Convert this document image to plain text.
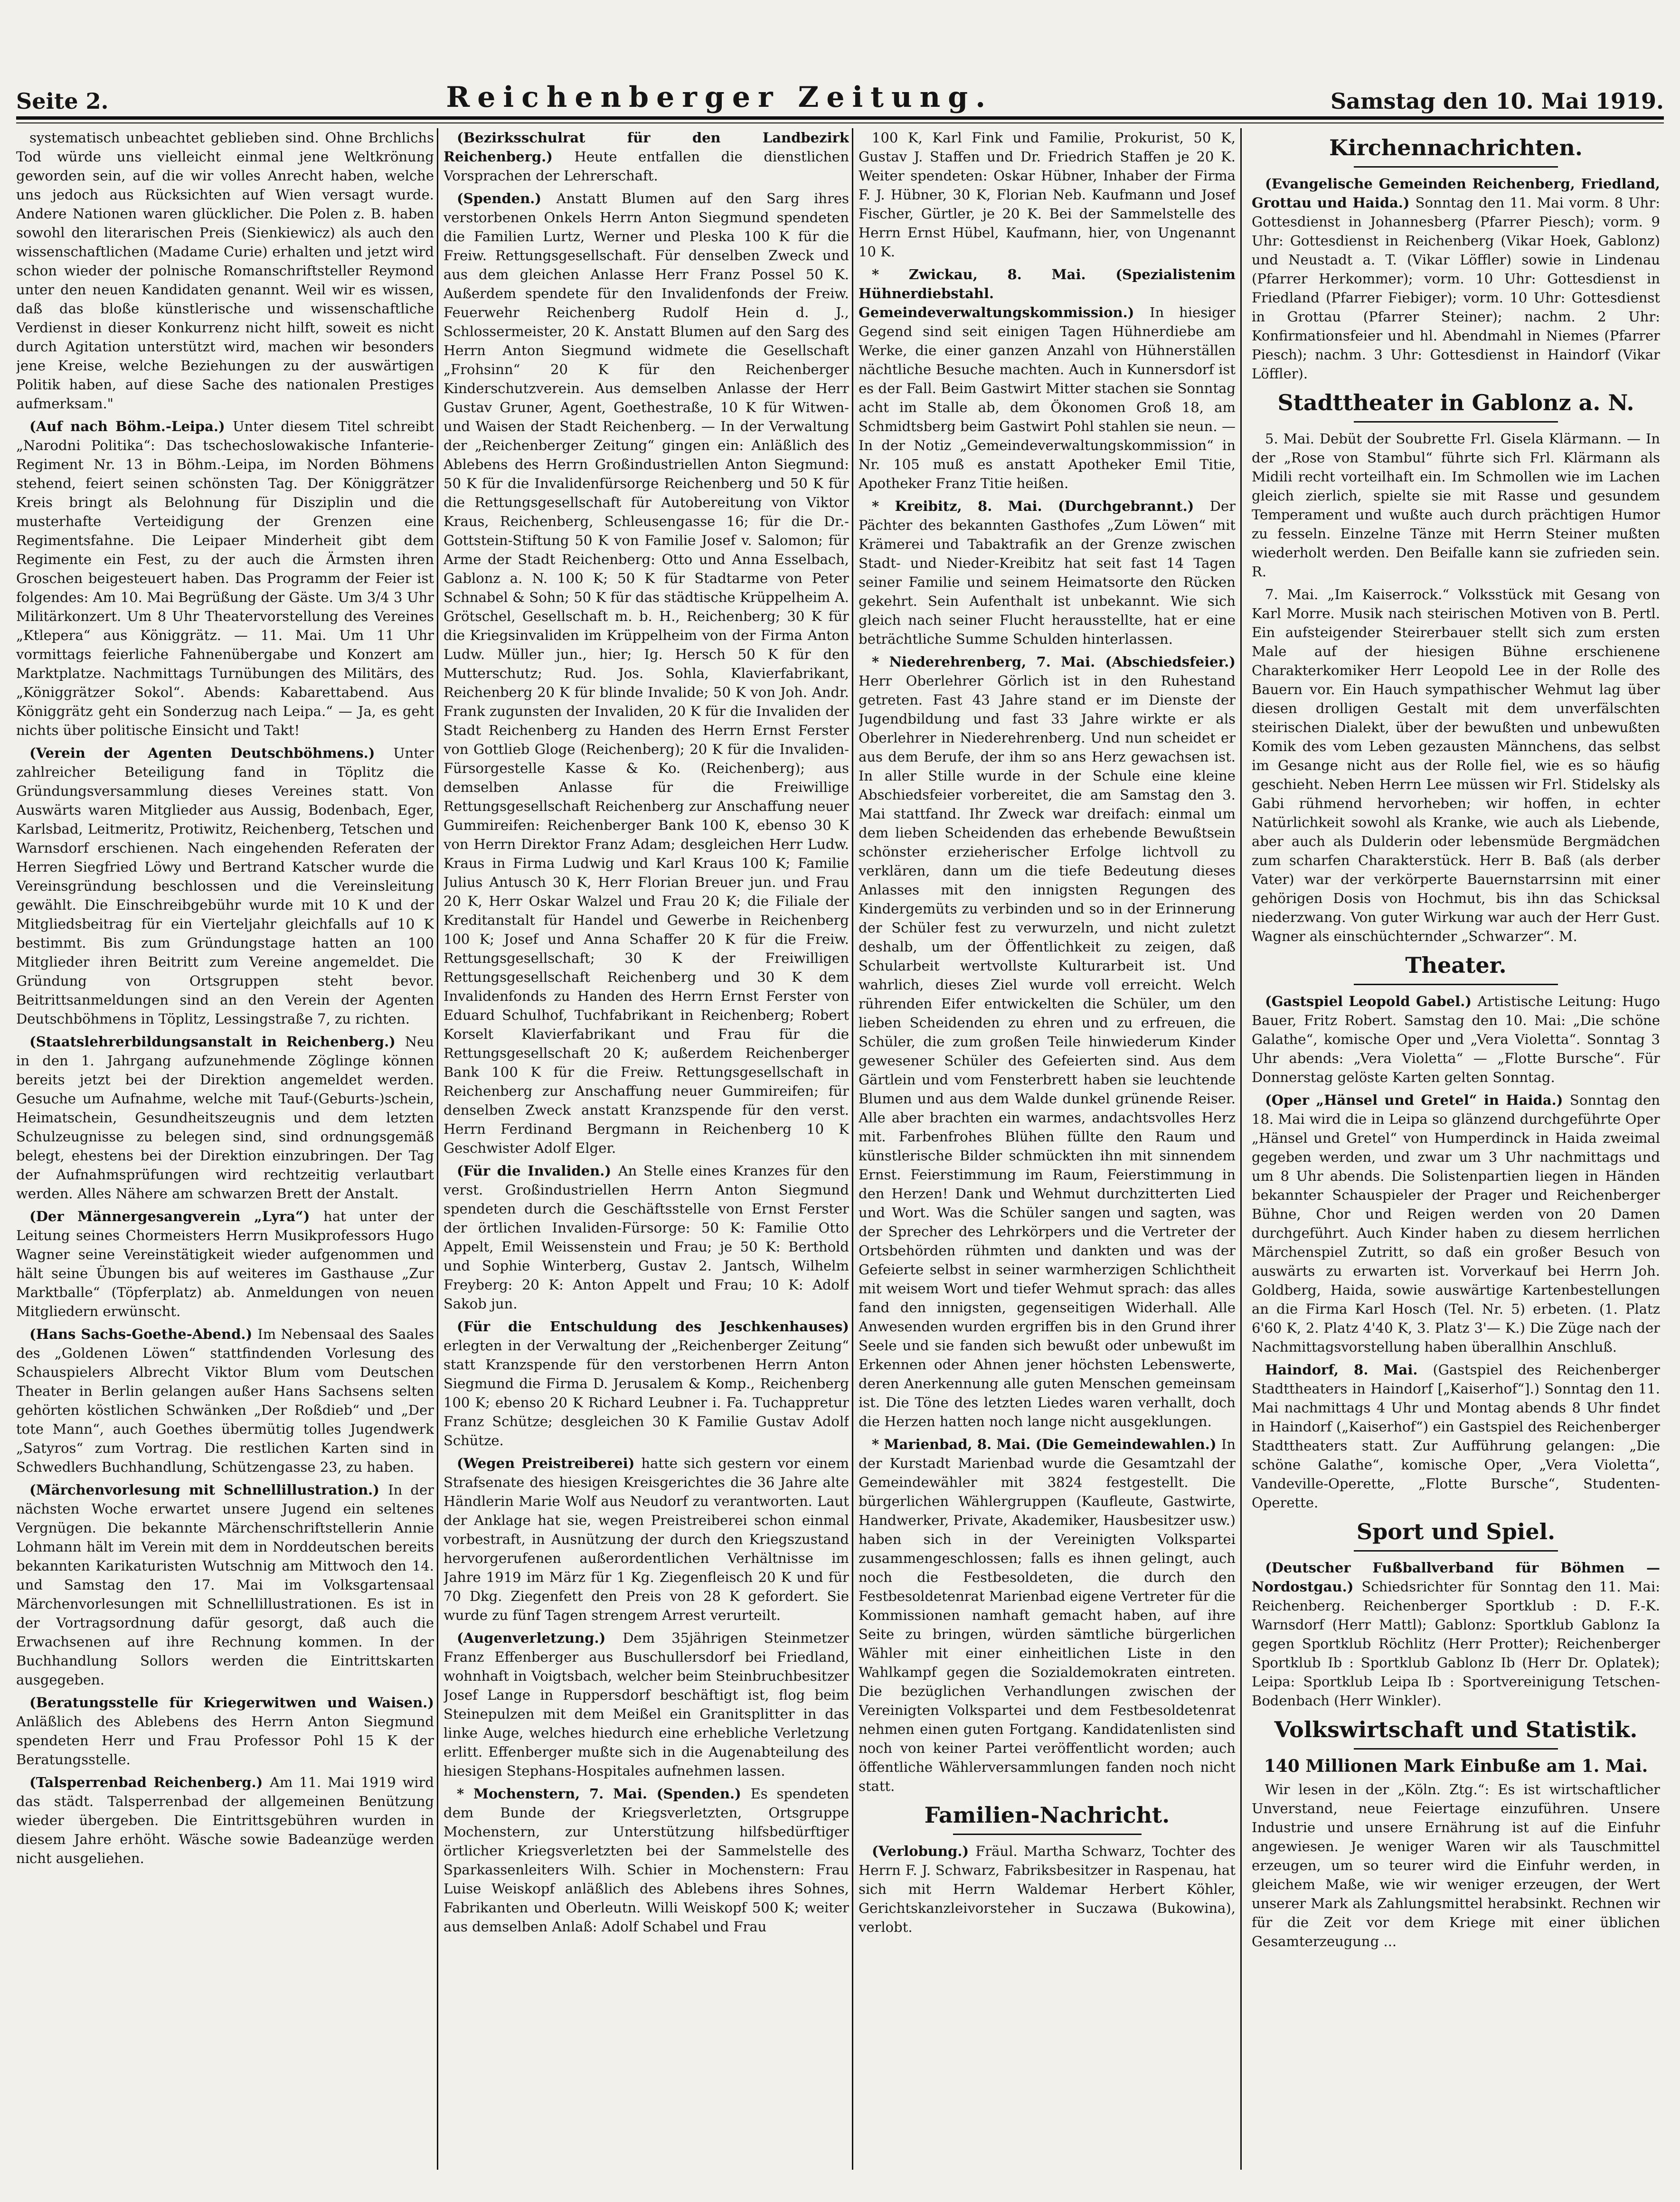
Seite 2.	Reichenberger Zeitung.	Samstag den 10. Mai 1919.

systematisch unbeachtet geblieben sind. Ohne Brchlichs Tod würde uns vielleicht einmal jene Weltkrönung geworden sein, auf die wir volles Anrecht haben, welche uns jedoch aus Rücksichten auf Wien versagt wurde. Andere Nationen waren glücklicher. Die Polen z. B. haben sowohl den literarischen Preis (Sienkiewicz) als auch den wissenschaftlichen (Madame Curie) erhalten und jetzt wird schon wieder der polnische Romanschriftsteller Reymond unter den neuen Kandidaten genannt. Weil wir es wissen, daß das bloße künstlerische und wissenschaftliche Verdienst in dieser Konkurrenz nicht hilft, soweit es nicht durch Agitation unterstützt wird, machen wir besonders jene Kreise, welche Beziehungen zu der auswärtigen Politik haben, auf diese Sache des nationalen Prestiges aufmerksam."

(Auf nach Böhm.-Leipa.) Unter diesem Titel schreibt „Narodni Politika“: Das tschechoslowakische Infanterie-Regiment Nr. 13 in Böhm.-Leipa, im Norden Böhmens stehend, feiert seinen schönsten Tag. Der Königgrätzer Kreis bringt als Belohnung für Disziplin und die musterhafte Verteidigung der Grenzen eine Regimentsfahne. Die Leipaer Minderheit gibt dem Regimente ein Fest, zu der auch die Ärmsten ihren Groschen beigesteuert haben. Das Programm der Feier ist folgendes: Am 10. Mai Begrüßung der Gäste. Um 3/4 3 Uhr Militärkonzert. Um 8 Uhr Theatervorstellung des Vereines „Ktlepera“ aus Königgrätz. — 11. Mai. Um 11 Uhr vormittags feierliche Fahnenübergabe und Konzert am Marktplatze. Nachmittags Turnübungen des Militärs, des „Königgrätzer Sokol“. Abends: Kabarettabend. Aus Königgrätz geht ein Sonderzug nach Leipa.“ — Ja, es geht nichts über politische Einsicht und Takt!

(Verein der Agenten Deutschböhmens.) Unter zahlreicher Beteiligung fand in Töplitz die Gründungsversammlung dieses Vereines statt. Von Auswärts waren Mitglieder aus Aussig, Bodenbach, Eger, Karlsbad, Leitmeritz, Protiwitz, Reichenberg, Tetschen und Warnsdorf erschienen. Nach eingehenden Referaten der Herren Siegfried Löwy und Bertrand Katscher wurde die Vereinsgründung beschlossen und die Vereinsleitung gewählt. Die Einschreibgebühr wurde mit 10 K und der Mitgliedsbeitrag für ein Vierteljahr gleichfalls auf 10 K bestimmt. Bis zum Gründungstage hatten an 100 Mitglieder ihren Beitritt zum Vereine angemeldet. Die Gründung von Ortsgruppen steht bevor. Beitrittsanmeldungen sind an den Verein der Agenten Deutschböhmens in Töplitz, Lessingstraße 7, zu richten.

(Staatslehrerbildungsanstalt in Reichenberg.) Neu in den 1. Jahrgang aufzunehmende Zöglinge können bereits jetzt bei der Direktion angemeldet werden. Gesuche um Aufnahme, welche mit Tauf-(Geburts-)schein, Heimatschein, Gesundheitszeugnis und dem letzten Schulzeugnisse zu belegen sind, sind ordnungsgemäß belegt, ehestens bei der Direktion einzubringen. Der Tag der Aufnahmsprüfungen wird rechtzeitig verlautbart werden. Alles Nähere am schwarzen Brett der Anstalt.

(Der Männergesangverein „Lyra“) hat unter der Leitung seines Chormeisters Herrn Musikprofessors Hugo Wagner seine Vereinstätigkeit wieder aufgenommen und hält seine Übungen bis auf weiteres im Gasthause „Zur Marktballe“ (Töpferplatz) ab. Anmeldungen von neuen Mitgliedern erwünscht.

(Hans Sachs-Goethe-Abend.) Im Nebensaal des Saales des „Goldenen Löwen“ stattfindenden Vorlesung des Schauspielers Albrecht Viktor Blum vom Deutschen Theater in Berlin gelangen außer Hans Sachsens selten gehörten köstlichen Schwänken „Der Roßdieb“ und „Der tote Mann“, auch Goethes übermütig tolles Jugendwerk „Satyros“ zum Vortrag. Die restlichen Karten sind in Schwedlers Buchhandlung, Schützengasse 23, zu haben.

(Märchenvorlesung mit Schnellillustration.) In der nächsten Woche erwartet unsere Jugend ein seltenes Vergnügen. Die bekannte Märchenschriftstellerin Annie Lohmann hält im Verein mit dem in Norddeutschen bereits bekannten Karikaturisten Wutschnig am Mittwoch den 14. und Samstag den 17. Mai im Volksgartensaal Märchenvorlesungen mit Schnellillustrationen. Es ist in der Vortragsordnung dafür gesorgt, daß auch die Erwachsenen auf ihre Rechnung kommen. In der Buchhandlung Sollors werden die Eintrittskarten ausgegeben.

(Beratungsstelle für Kriegerwitwen und Waisen.) Anläßlich des Ablebens des Herrn Anton Siegmund spendeten Herr und Frau Professor Pohl 15 K der Beratungsstelle.

(Talsperrenbad Reichenberg.) Am 11. Mai 1919 wird das städt. Talsperrenbad der allgemeinen Benützung wieder übergeben. Die Eintrittsgebühren wurden in diesem Jahre erhöht. Wäsche sowie Badeanzüge werden nicht ausgeliehen.

(Bezirksschulrat für den Landbezirk Reichenberg.) Heute entfallen die dienstlichen Vorsprachen der Lehrerschaft.

(Spenden.) Anstatt Blumen auf den Sarg ihres verstorbenen Onkels Herrn Anton Siegmund spendeten die Familien Lurtz, Werner und Pleska 100 K für die Freiw. Rettungsgesellschaft. Für denselben Zweck und aus dem gleichen Anlasse Herr Franz Possel 50 K. Außerdem spendete für den Invalidenfonds der Freiw. Feuerwehr Reichenberg Rudolf Hein d. J., Schlossermeister, 20 K. Anstatt Blumen auf den Sarg des Herrn Anton Siegmund widmete die Gesellschaft „Frohsinn“ 20 K für den Reichenberger Kinderschutzverein. Aus demselben Anlasse der Herr Gustav Gruner, Agent, Goethestraße, 10 K für Witwen- und Waisen der Stadt Reichenberg. — In der Verwaltung der „Reichenberger Zeitung“ gingen ein: Anläßlich des Ablebens des Herrn Großindustriellen Anton Siegmund: 50 K für die Invalidenfürsorge Reichenberg und 50 K für die Rettungsgesellschaft für Autobereitung von Viktor Kraus, Reichenberg, Schleusengasse 16; für die Dr.-Gottstein-Stiftung 50 K von Familie Josef v. Salomon; für Arme der Stadt Reichenberg: Otto und Anna Esselbach, Gablonz a. N. 100 K; 50 K für Stadtarme von Peter Schnabel & Sohn; 50 K für das städtische Krüppelheim A. Grötschel, Gesellschaft m. b. H., Reichenberg; 30 K für die Kriegsinvaliden im Krüppelheim von der Firma Anton Ludw. Müller jun., hier; Ig. Hersch 50 K für den Mutterschutz; Rud. Jos. Sohla, Klavierfabrikant, Reichenberg 20 K für blinde Invalide; 50 K von Joh. Andr. Frank zugunsten der Invaliden, 20 K für die Invaliden der Stadt Reichenberg zu Handen des Herrn Ernst Ferster von Gottlieb Gloge (Reichenberg); 20 K für die Invaliden-Fürsorgestelle Kasse & Ko. (Reichenberg); aus demselben Anlasse für die Freiwillige Rettungsgesellschaft Reichenberg zur Anschaffung neuer Gummireifen: Reichenberger Bank 100 K, ebenso 30 K von Herrn Direktor Franz Adam; desgleichen Herr Ludw. Kraus in Firma Ludwig und Karl Kraus 100 K; Familie Julius Antusch 30 K, Herr Florian Breuer jun. und Frau 20 K, Herr Oskar Walzel und Frau 20 K; die Filiale der Kreditanstalt für Handel und Gewerbe in Reichenberg 100 K; Josef und Anna Schaffer 20 K für die Freiw. Rettungsgesellschaft; 30 K der Freiwilligen Rettungsgesellschaft Reichenberg und 30 K dem Invalidenfonds zu Handen des Herrn Ernst Ferster von Eduard Schulhof, Tuchfabrikant in Reichenberg; Robert Korselt Klavierfabrikant und Frau für die Rettungsgesellschaft 20 K; außerdem Reichenberger Bank 100 K für die Freiw. Rettungsgesellschaft in Reichenberg zur Anschaffung neuer Gummireifen; für denselben Zweck anstatt Kranzspende für den verst. Herrn Ferdinand Bergmann in Reichenberg 10 K Geschwister Adolf Elger.

(Für die Invaliden.) An Stelle eines Kranzes für den verst. Großindustriellen Herrn Anton Siegmund spendeten durch die Geschäftsstelle von Ernst Ferster der örtlichen Invaliden-Fürsorge: 50 K: Familie Otto Appelt, Emil Weissenstein und Frau; je 50 K: Berthold und Sophie Winterberg, Gustav 2. Jantsch, Wilhelm Freyberg: 20 K: Anton Appelt und Frau; 10 K: Adolf Sakob jun.

(Für die Entschuldung des Jeschkenhauses) erlegten in der Verwaltung der „Reichenberger Zeitung“ statt Kranzspende für den verstorbenen Herrn Anton Siegmund die Firma D. Jerusalem & Komp., Reichenberg 100 K; ebenso 20 K Richard Leubner i. Fa. Tuchappretur Franz Schütze; desgleichen 30 K Familie Gustav Adolf Schütze.

(Wegen Preistreiberei) hatte sich gestern vor einem Strafsenate des hiesigen Kreisgerichtes die 36 Jahre alte Händlerin Marie Wolf aus Neudorf zu verantworten. Laut der Anklage hat sie, wegen Preistreiberei schon einmal vorbestraft, in Ausnützung der durch den Kriegszustand hervorgerufenen außerordentlichen Verhältnisse im Jahre 1919 im März für 1 Kg. Ziegenfleisch 20 K und für 70 Dkg. Ziegenfett den Preis von 28 K gefordert. Sie wurde zu fünf Tagen strengem Arrest verurteilt.

(Augenverletzung.) Dem 35jährigen Steinmetzer Franz Effenberger aus Buschullersdorf bei Friedland, wohnhaft in Voigtsbach, welcher beim Steinbruchbesitzer Josef Lange in Ruppersdorf beschäftigt ist, flog beim Steinepulzen mit dem Meißel ein Granitsplitter in das linke Auge, welches hiedurch eine erhebliche Verletzung erlitt. Effenberger mußte sich in die Augenabteilung des hiesigen Stephans-Hospitales aufnehmen lassen.

* Mochenstern, 7. Mai. (Spenden.) Es spendeten dem Bunde der Kriegsverletzten, Ortsgruppe Mochenstern, zur Unterstützung hilfsbedürftiger örtlicher Kriegsverletzten bei der Sammelstelle des Sparkassenleiters Wilh. Schier in Mochenstern: Frau Luise Weiskopf anläßlich des Ablebens ihres Sohnes, Fabrikanten und Oberleutn. Willi Weiskopf 500 K; weiter aus demselben Anlaß: Adolf Schabel und Frau

100 K, Karl Fink und Familie, Prokurist, 50 K, Gustav J. Staffen und Dr. Friedrich Staffen je 20 K. Weiter spendeten: Oskar Hübner, Inhaber der Firma F. J. Hübner, 30 K, Florian Neb. Kaufmann und Josef Fischer, Gürtler, je 20 K. Bei der Sammelstelle des Herrn Ernst Hübel, Kaufmann, hier, von Ungenannt 10 K.

* Zwickau, 8. Mai. (Spezialistenim Hühnerdiebstahl. Gemeindeverwaltungskommission.) In hiesiger Gegend sind seit einigen Tagen Hühnerdiebe am Werke, die einer ganzen Anzahl von Hühnerställen nächtliche Besuche machten. Auch in Kunnersdorf ist es der Fall. Beim Gastwirt Mitter stachen sie Sonntag acht im Stalle ab, dem Ökonomen Groß 18, am Schmidtsberg beim Gastwirt Pohl stahlen sie neun. — In der Notiz „Gemeindeverwaltungskommission“ in Nr. 105 muß es anstatt Apotheker Emil Titie, Apotheker Franz Titie heißen.

* Kreibitz, 8. Mai. (Durchgebrannt.) Der Pächter des bekannten Gasthofes „Zum Löwen“ mit Krämerei und Tabaktrafik an der Grenze zwischen Stadt- und Nieder-Kreibitz hat seit fast 14 Tagen seiner Familie und seinem Heimatsorte den Rücken gekehrt. Sein Aufenthalt ist unbekannt. Wie sich gleich nach seiner Flucht herausstellte, hat er eine beträchtliche Summe Schulden hinterlassen.

* Niederehrenberg, 7. Mai. (Abschiedsfeier.) Herr Oberlehrer Görlich ist in den Ruhestand getreten. Fast 43 Jahre stand er im Dienste der Jugendbildung und fast 33 Jahre wirkte er als Oberlehrer in Niederehrenberg. Und nun scheidet er aus dem Berufe, der ihm so ans Herz gewachsen ist. In aller Stille wurde in der Schule eine kleine Abschiedsfeier vorbereitet, die am Samstag den 3. Mai stattfand. Ihr Zweck war dreifach: einmal um dem lieben Scheidenden das erhebende Bewußtsein schönster erzieherischer Erfolge lichtvoll zu verklären, dann um die tiefe Bedeutung dieses Anlasses mit den innigsten Regungen des Kindergemüts zu verbinden und so in der Erinnerung der Schüler fest zu verwurzeln, und nicht zuletzt deshalb, um der Öffentlichkeit zu zeigen, daß Schularbeit wertvollste Kulturarbeit ist. Und wahrlich, dieses Ziel wurde voll erreicht. Welch rührenden Eifer entwickelten die Schüler, um den lieben Scheidenden zu ehren und zu erfreuen, die Schüler, die zum großen Teile hinwiederum Kinder gewesener Schüler des Gefeierten sind. Aus dem Gärtlein und vom Fensterbrett haben sie leuchtende Blumen und aus dem Walde dunkel grünende Reiser. Alle aber brachten ein warmes, andachtsvolles Herz mit. Farbenfrohes Blühen füllte den Raum und künstlerische Bilder schmückten ihn mit sinnendem Ernst. Feierstimmung im Raum, Feierstimmung in den Herzen! Dank und Wehmut durchzitterten Lied und Wort. Was die Schüler sangen und sagten, was der Sprecher des Lehrkörpers und die Vertreter der Ortsbehörden rühmten und dankten und was der Gefeierte selbst in seiner warmherzigen Schlichtheit mit weisem Wort und tiefer Wehmut sprach: das alles fand den innigsten, gegenseitigen Widerhall. Alle Anwesenden wurden ergriffen bis in den Grund ihrer Seele und sie fanden sich bewußt oder unbewußt im Erkennen oder Ahnen jener höchsten Lebenswerte, deren Anerkennung alle guten Menschen gemeinsam ist. Die Töne des letzten Liedes waren verhallt, doch die Herzen hatten noch lange nicht ausgeklungen.

* Marienbad, 8. Mai. (Die Gemeindewahlen.) In der Kurstadt Marienbad wurde die Gesamtzahl der Gemeindewähler mit 3824 festgestellt. Die bürgerlichen Wählergruppen (Kaufleute, Gastwirte, Handwerker, Private, Akademiker, Hausbesitzer usw.) haben sich in der Vereinigten Volkspartei zusammengeschlossen; falls es ihnen gelingt, auch noch die Festbesoldeten, die durch den Festbesoldetenrat Marienbad eigene Vertreter für die Kommissionen namhaft gemacht haben, auf ihre Seite zu bringen, würden sämtliche bürgerlichen Wähler mit einer einheitlichen Liste in den Wahlkampf gegen die Sozialdemokraten eintreten. Die bezüglichen Verhandlungen zwischen der Vereinigten Volkspartei und dem Festbesoldetenrat nehmen einen guten Fortgang. Kandidatenlisten sind noch von keiner Partei veröffentlicht worden; auch öffentliche Wählerversammlungen fanden noch nicht statt.

Familien-Nachricht.

(Verlobung.) Fräul. Martha Schwarz, Tochter des Herrn F. J. Schwarz, Fabriksbesitzer in Raspenau, hat sich mit Herrn Waldemar Herbert Köhler, Gerichtskanzleivorsteher in Suczawa (Bukowina), verlobt.

Kirchennachrichten.

(Evangelische Gemeinden Reichenberg, Friedland, Grottau und Haida.) Sonntag den 11. Mai vorm. 8 Uhr: Gottesdienst in Johannesberg (Pfarrer Piesch); vorm. 9 Uhr: Gottesdienst in Reichenberg (Vikar Hoek, Gablonz) und Neustadt a. T. (Vikar Löffler) sowie in Lindenau (Pfarrer Herkommer); vorm. 10 Uhr: Gottesdienst in Friedland (Pfarrer Fiebiger); vorm. 10 Uhr: Gottesdienst in Grottau (Pfarrer Steiner); nachm. 2 Uhr: Konfirmationsfeier und hl. Abendmahl in Niemes (Pfarrer Piesch); nachm. 3 Uhr: Gottesdienst in Haindorf (Vikar Löffler).

Stadttheater in Gablonz a. N.

5. Mai. Debüt der Soubrette Frl. Gisela Klärmann. — In der „Rose von Stambul“ führte sich Frl. Klärmann als Midili recht vorteilhaft ein. Im Schmollen wie im Lachen gleich zierlich, spielte sie mit Rasse und gesundem Temperament und wußte auch durch prächtigen Humor zu fesseln. Einzelne Tänze mit Herrn Steiner mußten wiederholt werden. Den Beifalle kann sie zufrieden sein. R.

7. Mai. „Im Kaiserrock.“ Volksstück mit Gesang von Karl Morre. Musik nach steirischen Motiven von B. Pertl. Ein aufsteigender Steirerbauer stellt sich zum ersten Male auf der hiesigen Bühne erschienene Charakterkomiker Herr Leopold Lee in der Rolle des Bauern vor. Ein Hauch sympathischer Wehmut lag über diesen drolligen Gestalt mit dem unverfälschten steirischen Dialekt, über der bewußten und unbewußten Komik des vom Leben gezausten Männchens, das selbst im Gesange nicht aus der Rolle fiel, wie es so häufig geschieht. Neben Herrn Lee müssen wir Frl. Stidelsky als Gabi rühmend hervorheben; wir hoffen, in echter Natürlichkeit sowohl als Kranke, wie auch als Liebende, aber auch als Dulderin oder lebensmüde Bergmädchen zum scharfen Charakterstück. Herr B. Baß (als derber Vater) war der verkörperte Bauernstarrsinn mit einer gehörigen Dosis von Hochmut, bis ihn das Schicksal niederzwang. Von guter Wirkung war auch der Herr Gust. Wagner als einschüchternder „Schwarzer“. M.

Theater.

(Gastspiel Leopold Gabel.) Artistische Leitung: Hugo Bauer, Fritz Robert. Samstag den 10. Mai: „Die schöne Galathe“, komische Oper und „Vera Violetta“. Sonntag 3 Uhr abends: „Vera Violetta“ — „Flotte Bursche“. Für Donnerstag gelöste Karten gelten Sonntag.

(Oper „Hänsel und Gretel“ in Haida.) Sonntag den 18. Mai wird die in Leipa so glänzend durchgeführte Oper „Hänsel und Gretel“ von Humperdinck in Haida zweimal gegeben werden, und zwar um 3 Uhr nachmittags und um 8 Uhr abends. Die Solistenpartien liegen in Händen bekannter Schauspieler der Prager und Reichenberger Bühne, Chor und Reigen werden von 20 Damen durchgeführt. Auch Kinder haben zu diesem herrlichen Märchenspiel Zutritt, so daß ein großer Besuch von auswärts zu erwarten ist. Vorverkauf bei Herrn Joh. Goldberg, Haida, sowie auswärtige Kartenbestellungen an die Firma Karl Hosch (Tel. Nr. 5) erbeten. (1. Platz 6'60 K, 2. Platz 4'40 K, 3. Platz 3'— K.) Die Züge nach der Nachmittagsvorstellung haben überallhin Anschluß.

Haindorf, 8. Mai. (Gastspiel des Reichenberger Stadttheaters in Haindorf [„Kaiserhof“].) Sonntag den 11. Mai nachmittags 4 Uhr und Montag abends 8 Uhr findet in Haindorf („Kaiserhof“) ein Gastspiel des Reichenberger Stadttheaters statt. Zur Aufführung gelangen: „Die schöne Galathe“, komische Oper, „Vera Violetta“, Vandeville-Operette, „Flotte Bursche“, Studenten-Operette.

Sport und Spiel.

(Deutscher Fußballverband für Böhmen — Nordostgau.) Schiedsrichter für Sonntag den 11. Mai: Reichenberg. Reichenberger Sportklub : D. F.-K. Warnsdorf (Herr Mattl); Gablonz: Sportklub Gablonz Ia gegen Sportklub Röchlitz (Herr Protter); Reichenberger Sportklub Ib : Sportklub Gablonz Ib (Herr Dr. Oplatek); Leipa: Sportklub Leipa Ib : Sportvereinigung Tetschen-Bodenbach (Herr Winkler).

Volkswirtschaft und Statistik.
140 Millionen Mark Einbuße am 1. Mai.

Wir lesen in der „Köln. Ztg.“: Es ist wirtschaftlicher Unverstand, neue Feiertage einzuführen. Unsere Industrie und unsere Ernährung ist auf die Einfuhr angewiesen. Je weniger Waren wir als Tauschmittel erzeugen, um so teurer wird die Einfuhr werden, in gleichem Maße, wie wir weniger erzeugen, der Wert unserer Mark als Zahlungsmittel herabsinkt. Rechnen wir für die Zeit vor dem Kriege mit einer üblichen Gesamterzeugung ...
